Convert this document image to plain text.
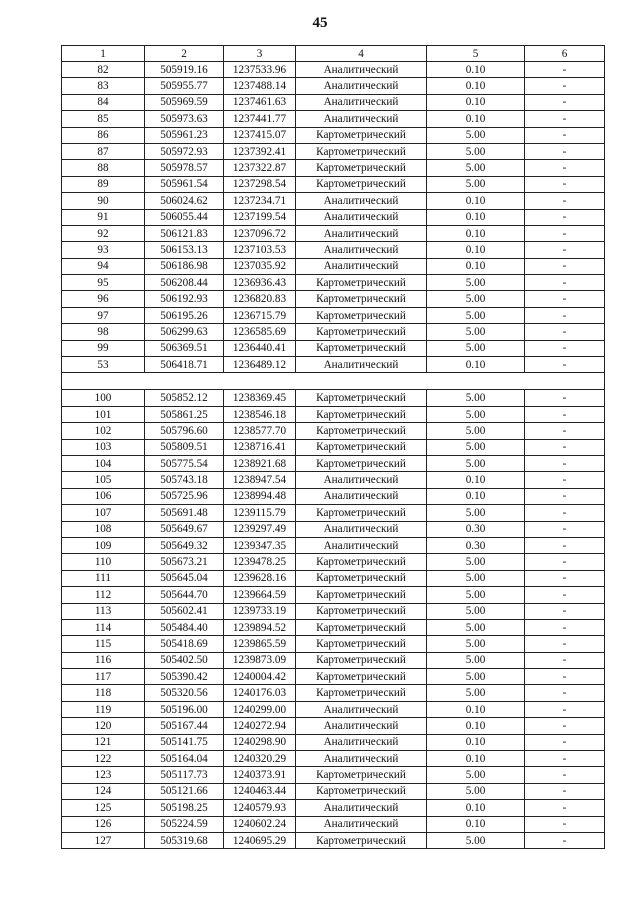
45
1	2	3	4	5	6
82	505919.16	1237533.96	Аналитический	0.10	-
83	505955.77	1237488.14	Аналитический	0.10	-
84	505969.59	1237461.63	Аналитический	0.10	-
85	505973.63	1237441.77	Аналитический	0.10	-
86	505961.23	1237415.07	Картометрический	5.00	-
87	505972.93	1237392.41	Картометрический	5.00	-
88	505978.57	1237322.87	Картометрический	5.00	-
89	505961.54	1237298.54	Картометрический	5.00	-
90	506024.62	1237234.71	Аналитический	0.10	-
91	506055.44	1237199.54	Аналитический	0.10	-
92	506121.83	1237096.72	Аналитический	0.10	-
93	506153.13	1237103.53	Аналитический	0.10	-
94	506186.98	1237035.92	Аналитический	0.10	-
95	506208.44	1236936.43	Картометрический	5.00	-
96	506192.93	1236820.83	Картометрический	5.00	-
97	506195.26	1236715.79	Картометрический	5.00	-
98	506299.63	1236585.69	Картометрический	5.00	-
99	506369.51	1236440.41	Картометрический	5.00	-
53	506418.71	1236489.12	Аналитический	0.10	-

100	505852.12	1238369.45	Картометрический	5.00	-
101	505861.25	1238546.18	Картометрический	5.00	-
102	505796.60	1238577.70	Картометрический	5.00	-
103	505809.51	1238716.41	Картометрический	5.00	-
104	505775.54	1238921.68	Картометрический	5.00	-
105	505743.18	1238947.54	Аналитический	0.10	-
106	505725.96	1238994.48	Аналитический	0.10	-
107	505691.48	1239115.79	Картометрический	5.00	-
108	505649.67	1239297.49	Аналитический	0.30	-
109	505649.32	1239347.35	Аналитический	0.30	-
110	505673.21	1239478.25	Картометрический	5.00	-
111	505645.04	1239628.16	Картометрический	5.00	-
112	505644.70	1239664.59	Картометрический	5.00	-
113	505602.41	1239733.19	Картометрический	5.00	-
114	505484.40	1239894.52	Картометрический	5.00	-
115	505418.69	1239865.59	Картометрический	5.00	-
116	505402.50	1239873.09	Картометрический	5.00	-
117	505390.42	1240004.42	Картометрический	5.00	-
118	505320.56	1240176.03	Картометрический	5.00	-
119	505196.00	1240299.00	Аналитический	0.10	-
120	505167.44	1240272.94	Аналитический	0.10	-
121	505141.75	1240298.90	Аналитический	0.10	-
122	505164.04	1240320.29	Аналитический	0.10	-
123	505117.73	1240373.91	Картометрический	5.00	-
124	505121.66	1240463.44	Картометрический	5.00	-
125	505198.25	1240579.93	Аналитический	0.10	-
126	505224.59	1240602.24	Аналитический	0.10	-
127	505319.68	1240695.29	Картометрический	5.00	-
